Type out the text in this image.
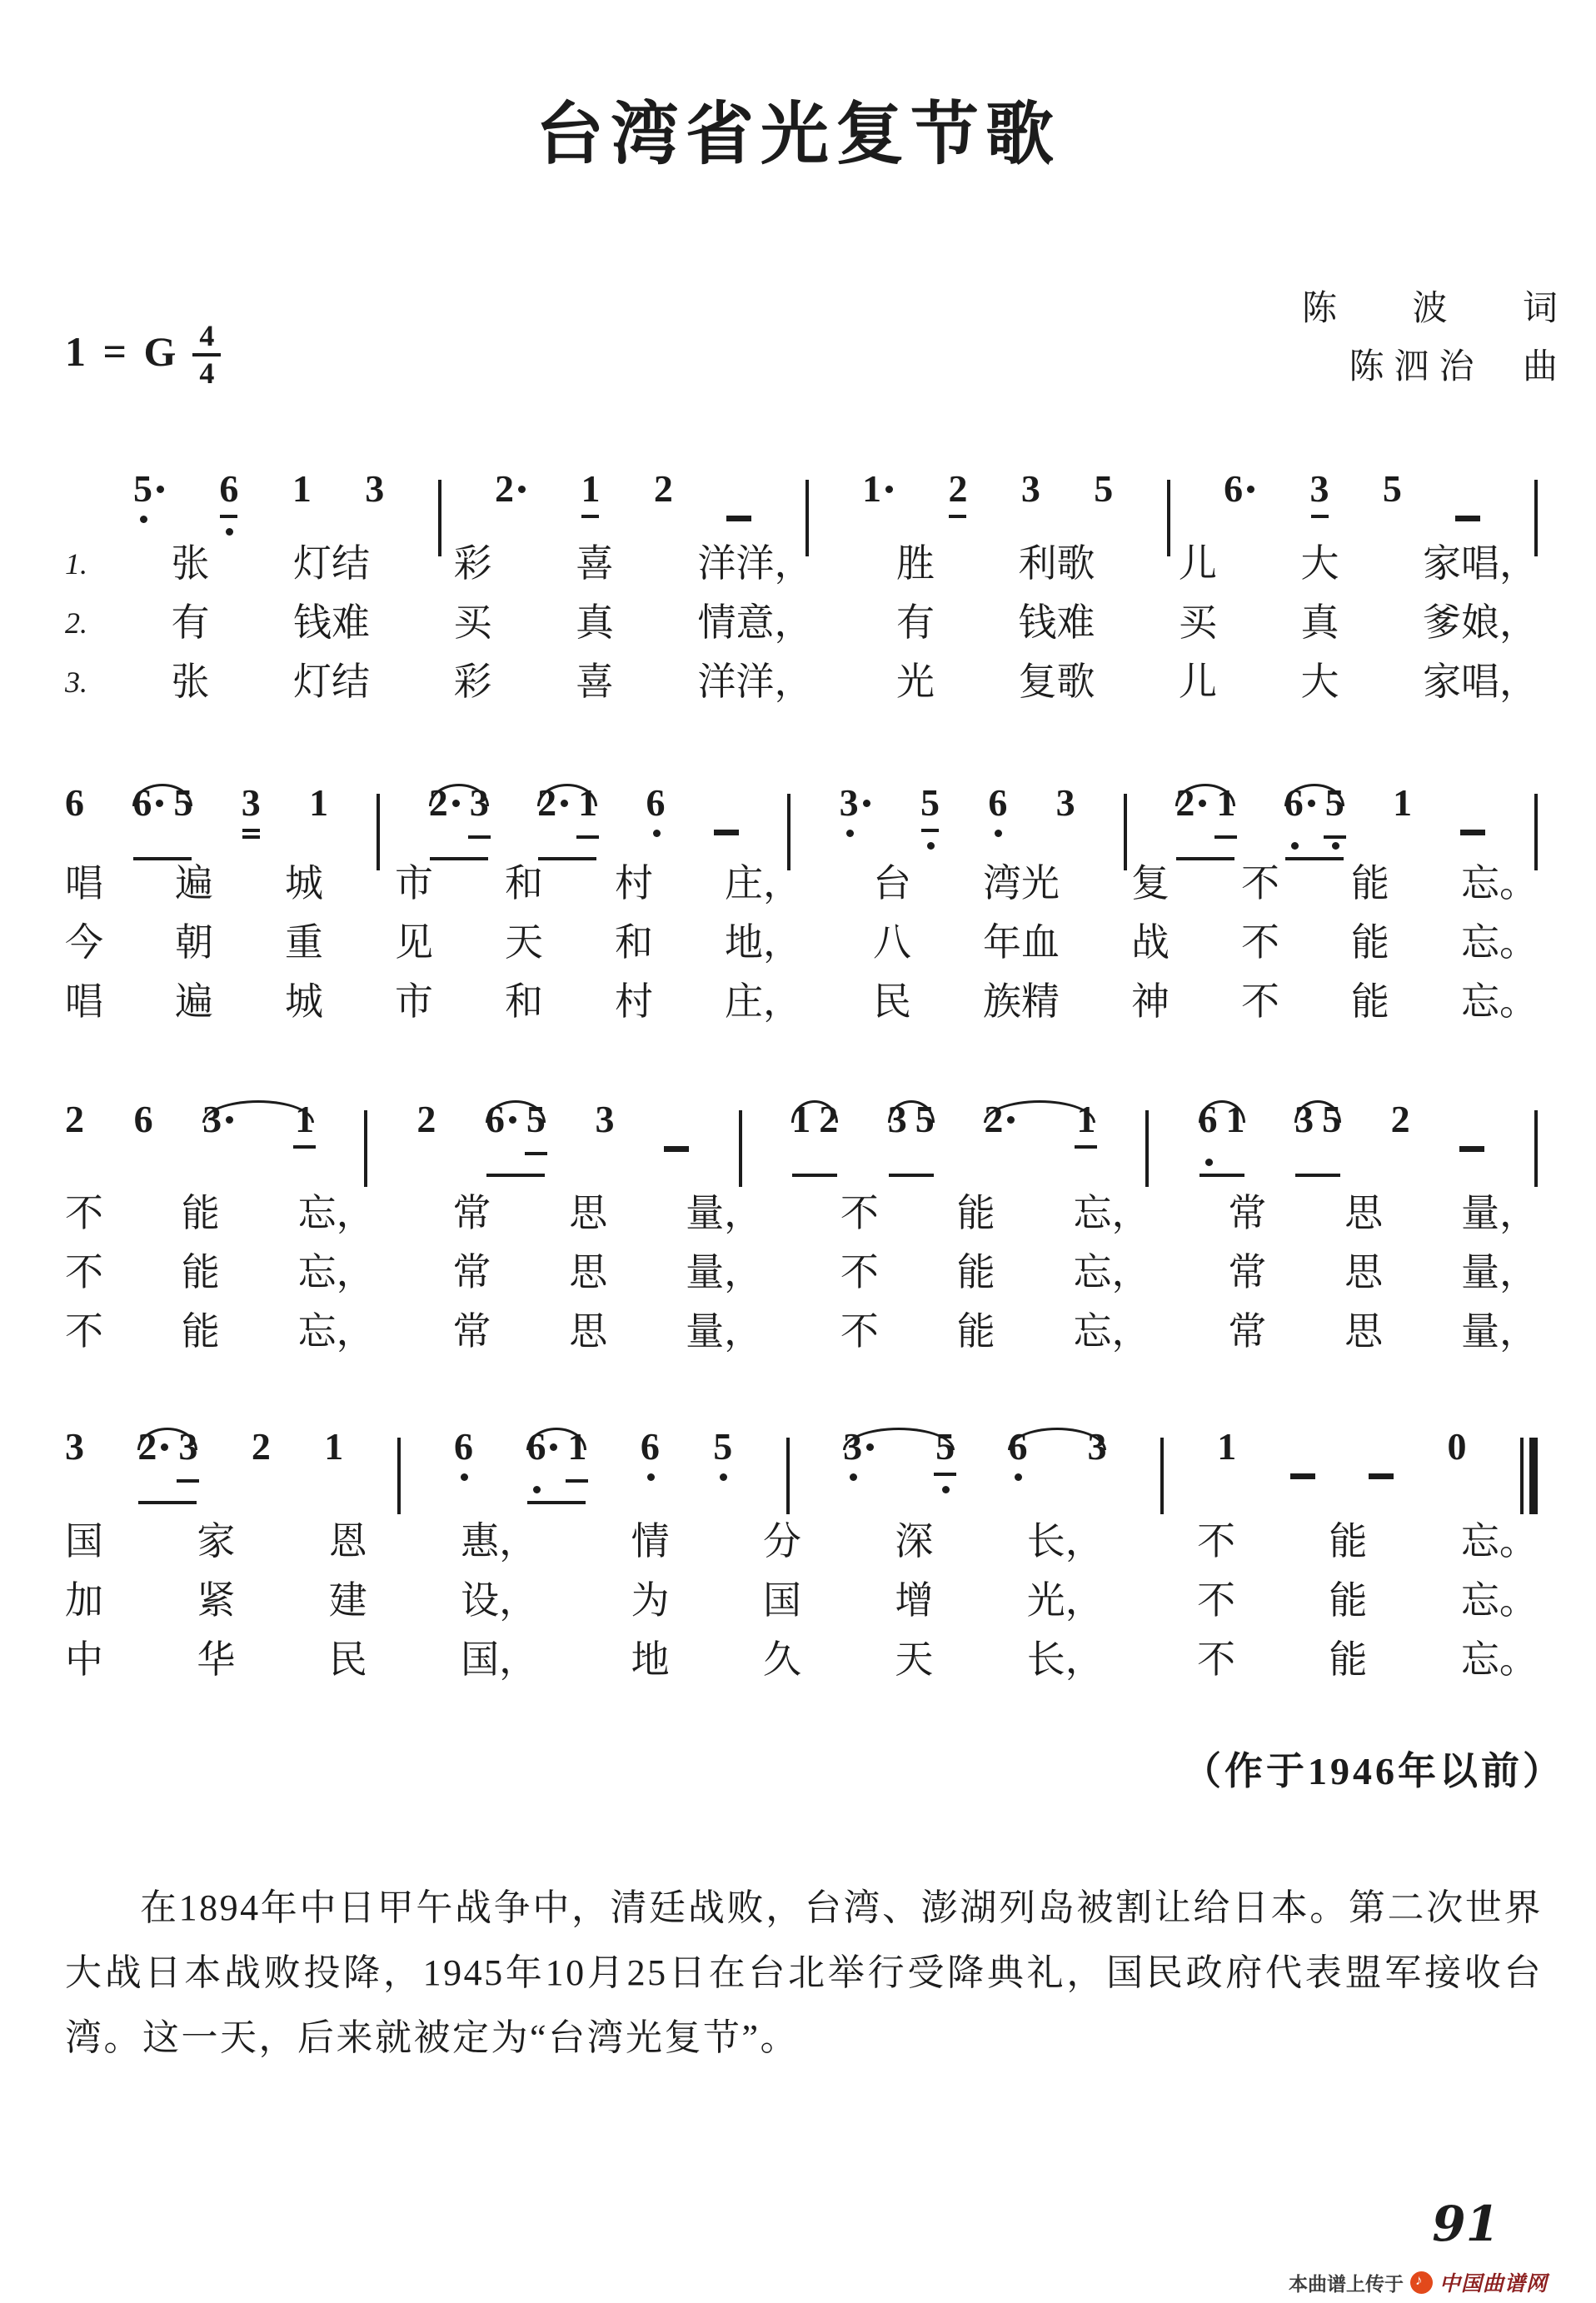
台湾省光复节歌
1 = G $\frac{4}{4}$
陈 波 词
陈泗治 曲
5 6 1 3	2 1 2	1 2 3 5	6 3 5
1. 张 灯结 彩 喜 洋洋， 胜 利歌 儿 大 家唱，
2. 有 钱难 买 真 情意， 有 钱难 买 真 爹娘，
3. 张 灯结 彩 喜 洋洋， 光 复歌 儿 大 家唱，
6 6 5 3 1	2 3 2 1 6	3 5 6 3	2 1 6 5 1
唱 遍 城 市 和 村 庄， 台 湾光 复 不 能 忘。
今 朝 重 见 天 和 地， 八 年血 战 不 能 忘。
唱 遍 城 市 和 村 庄， 民 族精 神 不 能 忘。
2 6 3 1	2 6 5 3	1 2 3 5 2 1	6 1 3 5 2
不 能 忘， 常 思 量， 不 能 忘， 常 思 量，
不 能 忘， 常 思 量， 不 能 忘， 常 思 量，
不 能 忘， 常 思 量， 不 能 忘， 常 思 量，
3 2 3 2 1	6 6 1 6 5	3 5 6 3	1	0
国 家 恩 惠， 情 分 深 长， 不 能 忘。
加 紧 建 设， 为 国 增 光， 不 能 忘。
中 华 民 国， 地 久 天 长， 不 能 忘。
（作于1946年以前）

在1894年中日甲午战争中，清廷战败，台湾、澎湖列岛被割让给日本。第二次世界大战日本战败投降，1945年10月25日在台北举行受降典礼，国民政府代表盟军接收台湾。这一天，后来就被定为“台湾光复节”。

91
本曲谱上传于 ♪ 中国曲谱网
